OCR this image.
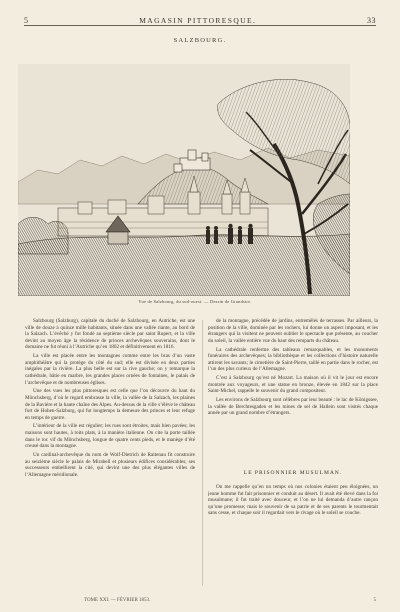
5	MAGASIN PITTORESQUE.	33
SALZBOURG.
Vue de Salzbourg, du sud-ouest. — Dessin de Grandsire.

Salzbourg (Salzburg), capitale du duché de Salzbourg, en Autriche, est une ville de douze à quinze mille habitants, située dans une vallée riante, au bord de la Salzach. L’évêché y fut fondé au septième siècle par saint Rupert, et la ville devint au moyen âge la résidence de princes archevêques souverains, dont le domaine ne fut réuni à l’Autriche qu’en 1802 et définitivement en 1816.

La ville est placée entre les montagnes comme entre les bras d’un vaste amphithéâtre qui la protège du côté du sud; elle est divisée en deux parties inégales par la rivière. La plus belle est sur la rive gauche; on y remarque la cathédrale, bâtie en marbre, les grandes places ornées de fontaines, le palais de l’archevêque et de nombreuses églises.

Une des vues les plus pittoresques est celle que l’on découvre du haut du Mönchsberg, d’où le regard embrasse la ville, la vallée de la Salzach, les plaines de la Bavière et la haute chaîne des Alpes. Au-dessus de la ville s’élève le château fort de Hohen-Salzburg, qui fut longtemps la demeure des princes et leur refuge en temps de guerre.

L’intérieur de la ville est régulier; les rues sont étroites, mais bien pavées; les maisons sont hautes, à toits plats, à la manière italienne. On cite la porte taillée dans le roc vif du Mönchsberg, longue de quatre cents pieds, et le manège d’été creusé dans la montagne.

Un cardinal-archevêque du nom de Wolf-Dietrich de Raitenau fit construire au seizième siècle le palais de Mirabell et plusieurs édifices considérables; ses successeurs embellirent la cité, qui devint une des plus élégantes villes de l’Allemagne méridionale.

de la montagne, précédée de jardins, entremêlés de terrasses. Par ailleurs, la position de la ville, dominée par les rochers, lui donne un aspect imposant, et les étrangers qui la visitent ne peuvent oublier le spectacle que présente, au coucher du soleil, la vallée entière vue du haut des remparts du château.

La cathédrale renferme des tableaux remarquables, et les monuments funéraires des archevêques; la bibliothèque et les collections d’histoire naturelle attirent les savants; le cimetière de Saint-Pierre, taillé en partie dans le rocher, est l’un des plus curieux de l’Allemagne.

C’est à Salzbourg qu’est né Mozart. La maison où il vit le jour est encore montrée aux voyageurs, et une statue en bronze, élevée en 1842 sur la place Saint-Michel, rappelle le souvenir du grand compositeur.

Les environs de Salzbourg sont célèbres par leur beauté : le lac de Königssee, la vallée de Berchtesgaden et les mines de sel de Hallein sont visités chaque année par un grand nombre d’étrangers.

LE PRISONNIER MUSULMAN.

On me rappelle qu’en un temps où nos colonies étaient peu éloignées, un jeune homme fut fait prisonnier et conduit au désert. Il avait été élevé dans la foi musulmane; il fut traité avec douceur, et l’on ne lui demanda d’autre rançon qu’une promesse; mais le souvenir de sa patrie et de ses parents le tourmentait sans cesse, et chaque soir il regardait vers le rivage où le soleil se couche.

TOME XXI. — FÉVRIER 1853.	5
